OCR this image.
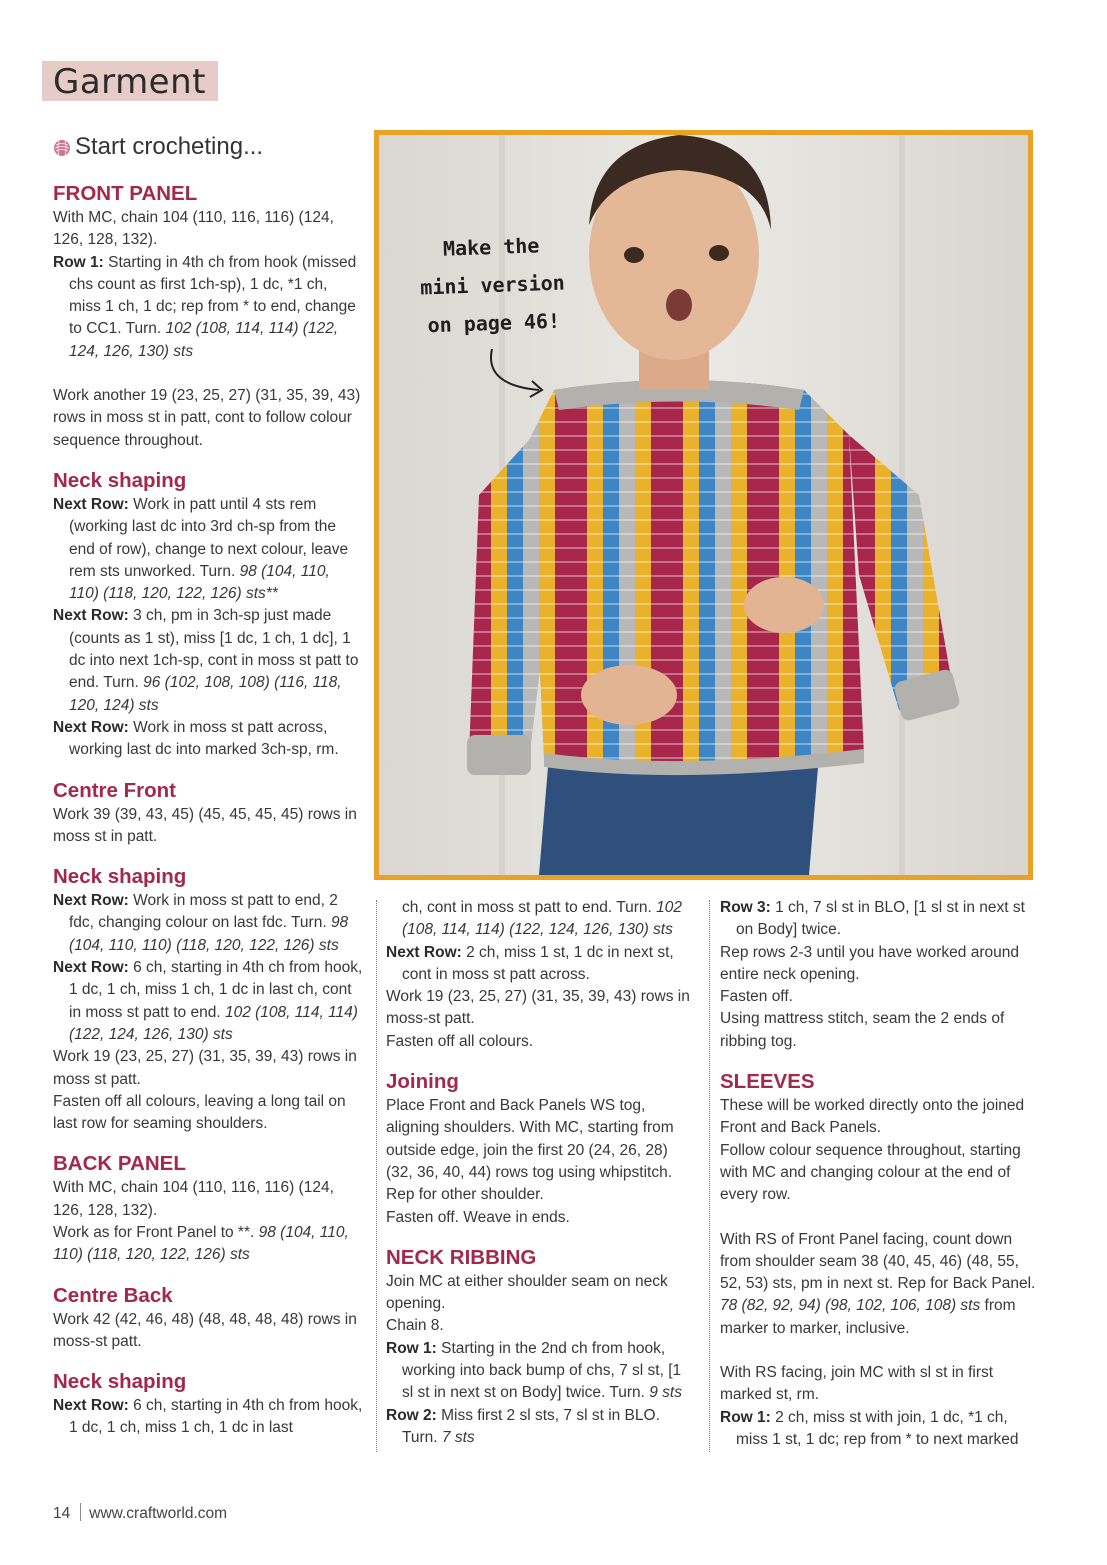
Garment
Start crocheting...
Make the
mini version
on page 46!

FRONT PANEL

With MC, chain 104 (110, 116, 116) (124, 126, 128, 132).

Row 1: Starting in 4th ch from hook (missed chs count as first 1ch-sp), 1 dc, *1 ch, miss 1 ch, 1 dc; rep from * to end, change to CC1. Turn. 102 (108, 114, 114) (122, 124, 126, 130) sts

Work another 19 (23, 25, 27) (31, 35, 39, 43) rows in moss st in patt, cont to follow colour sequence throughout.

Neck shaping

Next Row: Work in patt until 4 sts rem (working last dc into 3rd ch-sp from the end of row), change to next colour, leave rem sts unworked. Turn. 98 (104, 110, 110) (118, 120, 122, 126) sts**

Next Row: 3 ch, pm in 3ch-sp just made (counts as 1 st), miss [1 dc, 1 ch, 1 dc], 1 dc into next 1ch-sp, cont in moss st patt to end. Turn. 96 (102, 108, 108) (116, 118, 120, 124) sts

Next Row: Work in moss st patt across, working last dc into marked 3ch-sp, rm.

Centre Front

Work 39 (39, 43, 45) (45, 45, 45, 45) rows in moss st in patt.

Neck shaping

Next Row: Work in moss st patt to end, 2 fdc, changing colour on last fdc. Turn. 98 (104, 110, 110) (118, 120, 122, 126) sts

Next Row: 6 ch, starting in 4th ch from hook, 1 dc, 1 ch, miss 1 ch, 1 dc in last ch, cont in moss st patt to end. 102 (108, 114, 114) (122, 124, 126, 130) sts

Work 19 (23, 25, 27) (31, 35, 39, 43) rows in moss st patt.

Fasten off all colours, leaving a long tail on last row for seaming shoulders.

BACK PANEL

With MC, chain 104 (110, 116, 116) (124, 126, 128, 132).

Work as for Front Panel to **. 98 (104, 110, 110) (118, 120, 122, 126) sts

Centre Back

Work 42 (42, 46, 48) (48, 48, 48, 48) rows in moss-st patt.

Neck shaping

Next Row: 6 ch, starting in 4th ch from hook, 1 dc, 1 ch, miss 1 ch, 1 dc in last

ch, cont in moss st patt to end. Turn. 102 (108, 114, 114) (122, 124, 126, 130) sts

Next Row: 2 ch, miss 1 st, 1 dc in next st, cont in moss st patt across.

Work 19 (23, 25, 27) (31, 35, 39, 43) rows in moss-st patt.

Fasten off all colours.

Joining

Place Front and Back Panels WS tog, aligning shoulders. With MC, starting from outside edge, join the first 20 (24, 26, 28) (32, 36, 40, 44) rows tog using whipstitch.

Rep for other shoulder.

Fasten off. Weave in ends.

NECK RIBBING

Join MC at either shoulder seam on neck opening.

Chain 8.

Row 1: Starting in the 2nd ch from hook, working into back bump of chs, 7 sl st, [1 sl st in next st on Body] twice. Turn. 9 sts

Row 2: Miss first 2 sl sts, 7 sl st in BLO. Turn. 7 sts

Row 3: 1 ch, 7 sl st in BLO, [1 sl st in next st on Body] twice.

Rep rows 2-3 until you have worked around entire neck opening.

Fasten off.

Using mattress stitch, seam the 2 ends of ribbing tog.

SLEEVES

These will be worked directly onto the joined Front and Back Panels.

Follow colour sequence throughout, starting with MC and changing colour at the end of every row.

With RS of Front Panel facing, count down from shoulder seam 38 (40, 45, 46) (48, 55, 52, 53) sts, pm in next st. Rep for Back Panel. 78 (82, 92, 94) (98, 102, 106, 108) sts from marker to marker, inclusive.

With RS facing, join MC with sl st in first marked st, rm.

Row 1: 2 ch, miss st with join, 1 dc, *1 ch, miss 1 st, 1 dc; rep from * to next marked

14 www.craftworld.com
